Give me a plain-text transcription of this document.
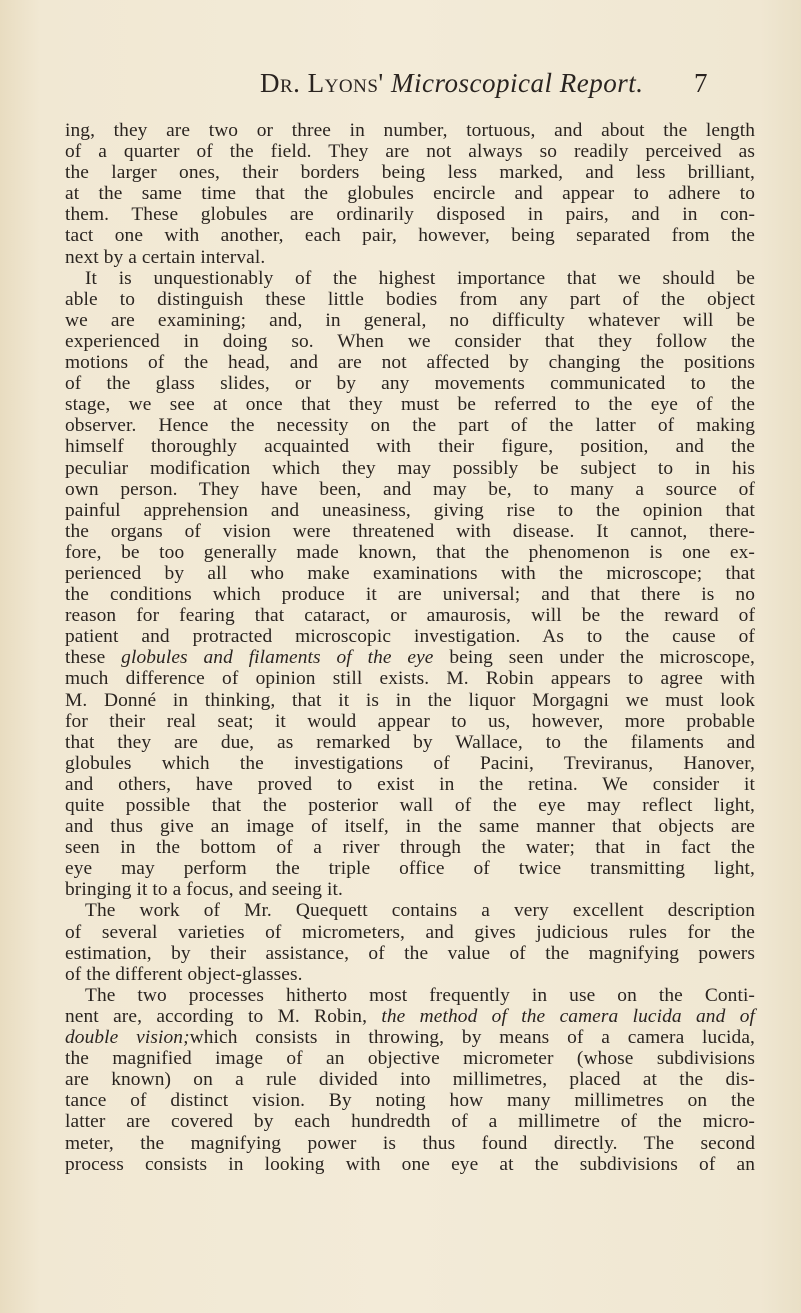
Dr. Lyons' Microscopical Report. 7
ing, they are two or three in number, tortuous, and about the length
of a quarter of the field. They are not always so readily perceived as
the larger ones, their borders being less marked, and less brilliant,
at the same time that the globules encircle and appear to adhere to
them. These globules are ordinarily disposed in pairs, and in con-
tact one with another, each pair, however, being separated from the
next by a certain interval.
It is unquestionably of the highest importance that we should be
able to distinguish these little bodies from any part of the object
we are examining; and, in general, no difficulty whatever will be
experienced in doing so. When we consider that they follow the
motions of the head, and are not affected by changing the positions
of the glass slides, or by any movements communicated to the
stage, we see at once that they must be referred to the eye of the
observer. Hence the necessity on the part of the latter of making
himself thoroughly acquainted with their figure, position, and the
peculiar modification which they may possibly be subject to in his
own person. They have been, and may be, to many a source of
painful apprehension and uneasiness, giving rise to the opinion that
the organs of vision were threatened with disease. It cannot, there-
fore, be too generally made known, that the phenomenon is one ex-
perienced by all who make examinations with the microscope; that
the conditions which produce it are universal; and that there is no
reason for fearing that cataract, or amaurosis, will be the reward of
patient and protracted microscopic investigation. As to the cause of
these globules and filaments of the eye being seen under the microscope,
much difference of opinion still exists. M. Robin appears to agree with
M. Donné in thinking, that it is in the liquor Morgagni we must look
for their real seat; it would appear to us, however, more probable
that they are due, as remarked by Wallace, to the filaments and
globules which the investigations of Pacini, Treviranus, Hanover,
and others, have proved to exist in the retina. We consider it
quite possible that the posterior wall of the eye may reflect light,
and thus give an image of itself, in the same manner that objects are
seen in the bottom of a river through the water; that in fact the
eye may perform the triple office of twice transmitting light,
bringing it to a focus, and seeing it.
The work of Mr. Quequett contains a very excellent description
of several varieties of micrometers, and gives judicious rules for the
estimation, by their assistance, of the value of the magnifying powers
of the different object-glasses.
The two processes hitherto most frequently in use on the Conti-
nent are, according to M. Robin, the method of the camera lucida and of
double vision;which consists in throwing, by means of a camera lucida,
the magnified image of an objective micrometer (whose subdivisions
are known) on a rule divided into millimetres, placed at the dis-
tance of distinct vision. By noting how many millimetres on the
latter are covered by each hundredth of a millimetre of the micro-
meter, the magnifying power is thus found directly. The second
process consists in looking with one eye at the subdivisions of an
